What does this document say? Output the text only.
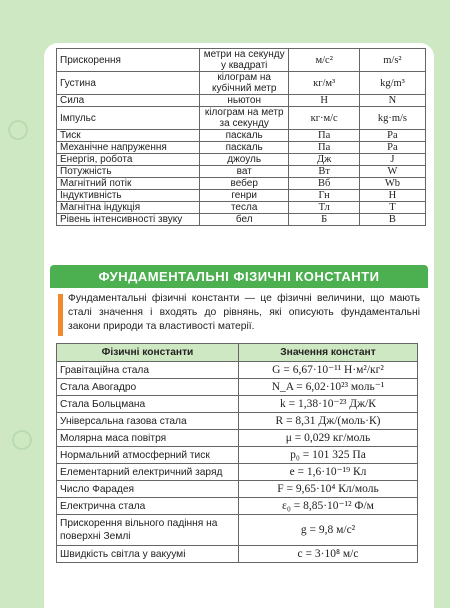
Прискорення	метри на секунду у квадраті	м/с²	m/s²
Густина	кілограм на кубічний метр	кг/м³	kg/m³
Сила	ньютон	Н	N
Імпульс	кілограм на метр за секунду	кг·м/с	kg·m/s
Тиск	паскаль	Па	Pa
Механічне напруження	паскаль	Па	Pa
Енергія, робота	джоуль	Дж	J
Потужність	ват	Вт	W
Магнітний потік	вебер	Вб	Wb
Індуктивність	генри	Гн	H
Магнітна індукція	тесла	Тл	T
Рівень інтенсивності звуку	бел	Б	B
ФУНДАМЕНТАЛЬНІ ФІЗИЧНІ КОНСТАНТИ
Фундаментальні фізичні константи — це фізичні величини, що мають сталі значення і входять до рівнянь, які описують фундаментальні закони природи та властивості матерії.
Фізичні константи	Значення констант
Гравітаційна стала	G = 6,67·10⁻¹¹ Н·м²/кг²
Стала Авогадро	N_A = 6,02·10²³ моль⁻¹
Стала Больцмана	k = 1,38·10⁻²³ Дж/К
Універсальна газова стала	R = 8,31 Дж/(моль·К)
Молярна маса повітря	μ = 0,029 кг/моль
Нормальний атмосферний тиск	p₀ = 101 325 Па
Елементарний електричний заряд	e = 1,6·10⁻¹⁹ Кл
Число Фарадея	F = 9,65·10⁴ Кл/моль
Електрична стала	ε₀ = 8,85·10⁻¹² Ф/м
Прискорення вільного падіння на поверхні Землі	g = 9,8 м/с²
Швидкість світла у вакуумі	c = 3·10⁸ м/с
